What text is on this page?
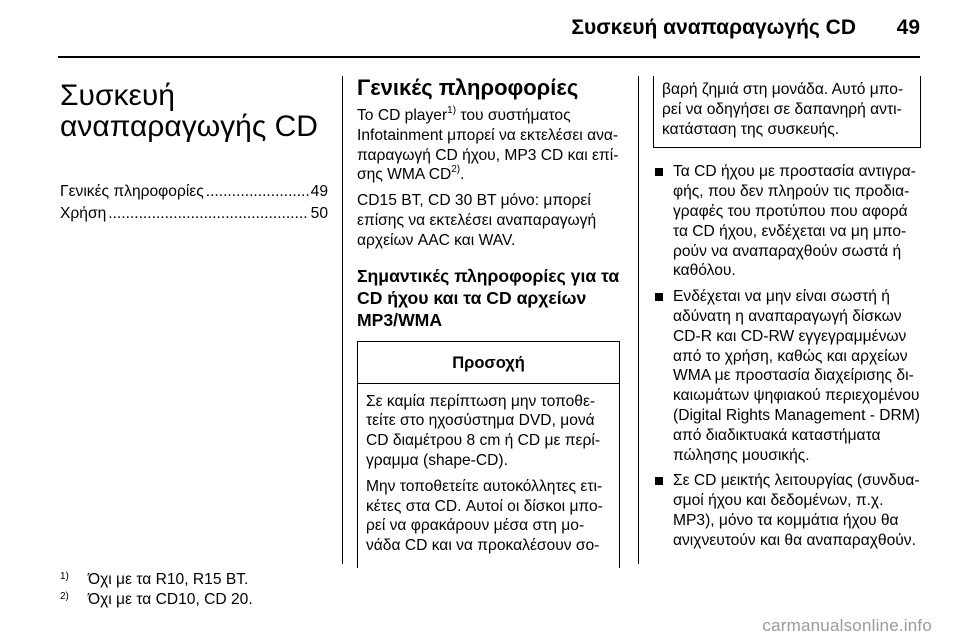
Συσκευή αναπαραγωγής CD 49
Συσκευή
αναπαραγωγής CD
Γενικές πληροφορίες .....	49
Χρήση .....	50
Γενικές πληροφορίες
Το CD player$^{1)}$ του συστήματος Infotainment μπορεί να εκτελέσει αναπαραγωγή CD ήχου, MP3 CD και επίσης WMA CD$^{2)}$.
CD15 BT, CD 30 BT μόνο: μπορεί επίσης να εκτελέσει αναπαραγωγή αρχείων AAC και WAV.
Σημαντικές πληροφορίες για τα CD ήχου και τα CD αρχείων MP3/WMA
Προσοχή
Σε καμία περίπτωση μην τοποθετείτε στο ηχοσύστημα DVD, μονά CD διαμέτρου 8 cm ή CD με περίγραμμα (shape-CD).
Μην τοποθετείτε αυτοκόλλητες ετικέτες στα CD. Αυτοί οι δίσκοι μπορεί να φρακάρουν μέσα στη μονάδα CD και να προκαλέσουν σο-
βαρή ζημιά στη μονάδα. Αυτό μπορεί να οδηγήσει σε δαπανηρή αντικατάσταση της συσκευής.
Τα CD ήχου με προστασία αντιγραφής, που δεν πληρούν τις προδιαγραφές του προτύπου που αφορά τα CD ήχου, ενδέχεται να μη μπορούν να αναπαραχθούν σωστά ή καθόλου.
Ενδέχεται να μην είναι σωστή ή αδύνατη η αναπαραγωγή δίσκων CD-R και CD-RW εγγεγραμμένων από το χρήση, καθώς και αρχείων WMA με προστασία διαχείρισης δικαιωμάτων ψηφιακού περιεχομένου (Digital Rights Management - DRM) από διαδικτυακά καταστήματα πώλησης μουσικής.
Σε CD μεικτής λειτουργίας (συνδυασμοί ήχου και δεδομένων, π.χ. MP3), μόνο τα κομμάτια ήχου θα ανιχνευτούν και θα αναπαραχθούν.
1) Όχι με τα R10, R15 BT.
2) Όχι με τα CD10, CD 20.
carmanualsonline.info
